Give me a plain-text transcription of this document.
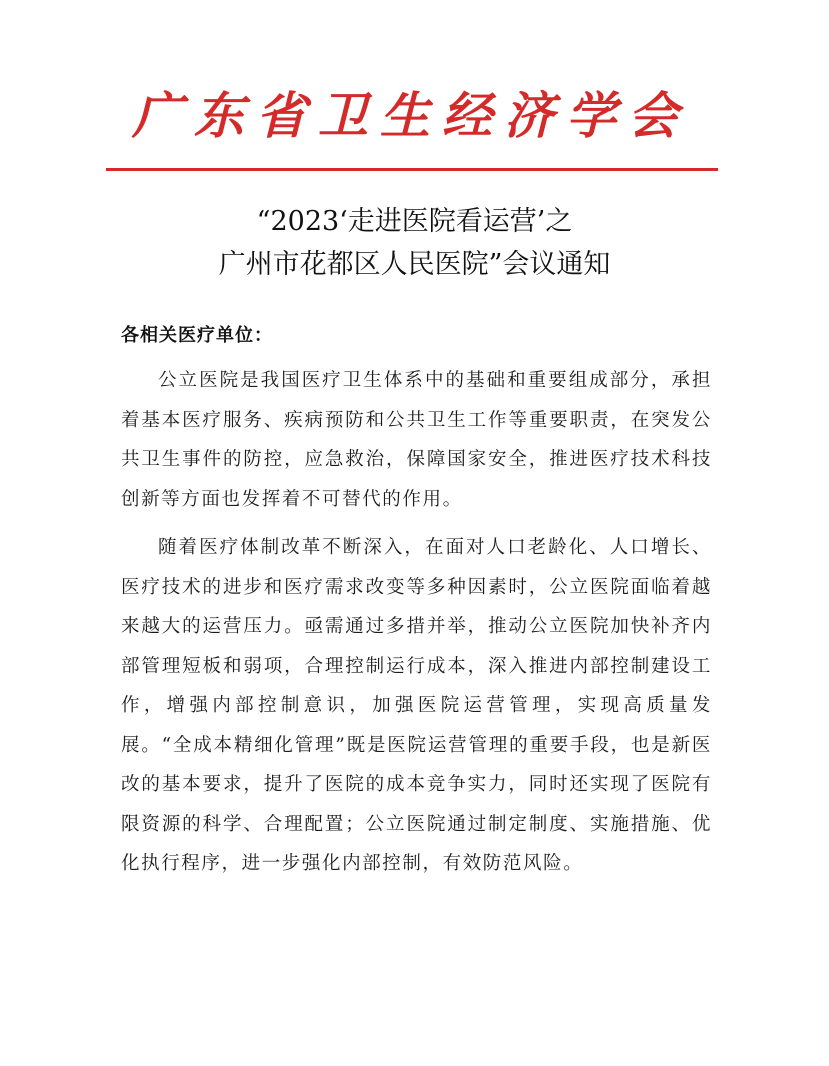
广东省卫生经济学会
“2023‘走进医院看运营’之
广州市花都区人民医院”会议通知
各相关医疗单位：

公立医院是我国医疗卫生体系中的基础和重要组成部分，承担着基本医疗服务、疾病预防和公共卫生工作等重要职责，在突发公共卫生事件的防控，应急救治，保障国家安全，推进医疗技术科技创新等方面也发挥着不可替代的作用。

随着医疗体制改革不断深入，在面对人口老龄化、人口增长、医疗技术的进步和医疗需求改变等多种因素时，公立医院面临着越来越大的运营压力。亟需通过多措并举，推动公立医院加快补齐内部管理短板和弱项，合理控制运行成本，深入推进内部控制建设工作，增强内部控制意识，加强医院运营管理，实现高质量发展。“全成本精细化管理”既是医院运营管理的重要手段，也是新医改的基本要求，提升了医院的成本竞争实力，同时还实现了医院有限资源的科学、合理配置；公立医院通过制定制度、实施措施、优化执行程序，进一步强化内部控制，有效防范风险。
